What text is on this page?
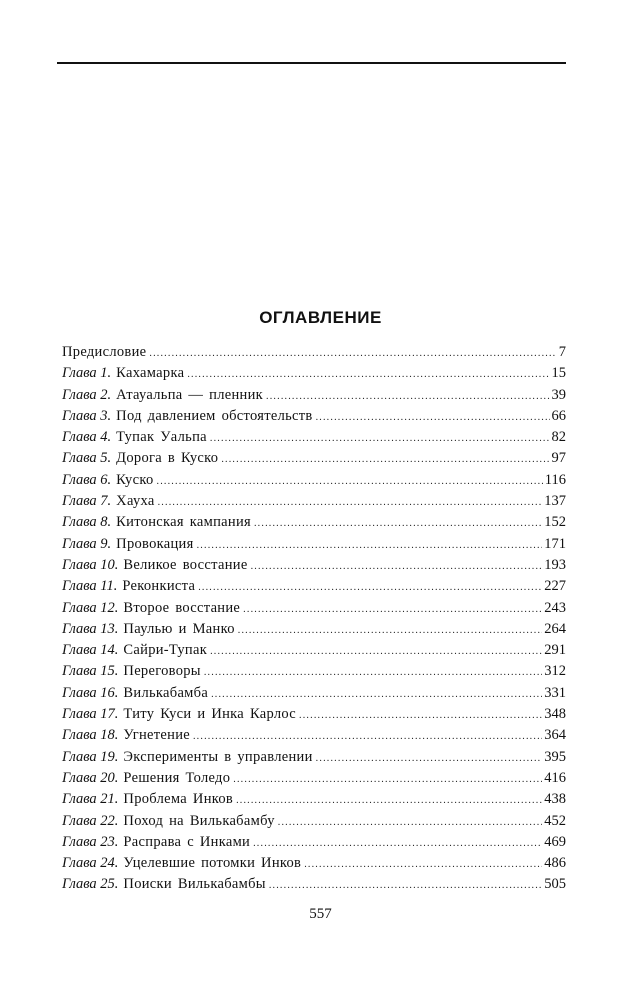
ОГЛАВЛЕНИЕ
Предисловие .....	7
Глава 1. Кахамарка .....	15
Глава 2. Атауальпа — пленник .....	39
Глава 3. Под давлением обстоятельств .....	66
Глава 4. Тупак Уальпа .....	82
Глава 5. Дорога в Куско .....	97
Глава 6. Куско .....	116
Глава 7. Хауха .....	137
Глава 8. Китонская кампания .....	152
Глава 9. Провокация .....	171
Глава 10. Великое восстание .....	193
Глава 11. Реконкиста .....	227
Глава 12. Второе восстание .....	243
Глава 13. Паулью и Манко .....	264
Глава 14. Сайри-Тупак .....	291
Глава 15. Переговоры .....	312
Глава 16. Вилькабамба .....	331
Глава 17. Титу Куси и Инка Карлос .....	348
Глава 18. Угнетение .....	364
Глава 19. Эксперименты в управлении .....	395
Глава 20. Решения Толедо .....	416
Глава 21. Проблема Инков .....	438
Глава 22. Поход на Вилькабамбу .....	452
Глава 23. Расправа с Инками .....	469
Глава 24. Уцелевшие потомки Инков .....	486
Глава 25. Поиски Вилькабамбы .....	505
557
